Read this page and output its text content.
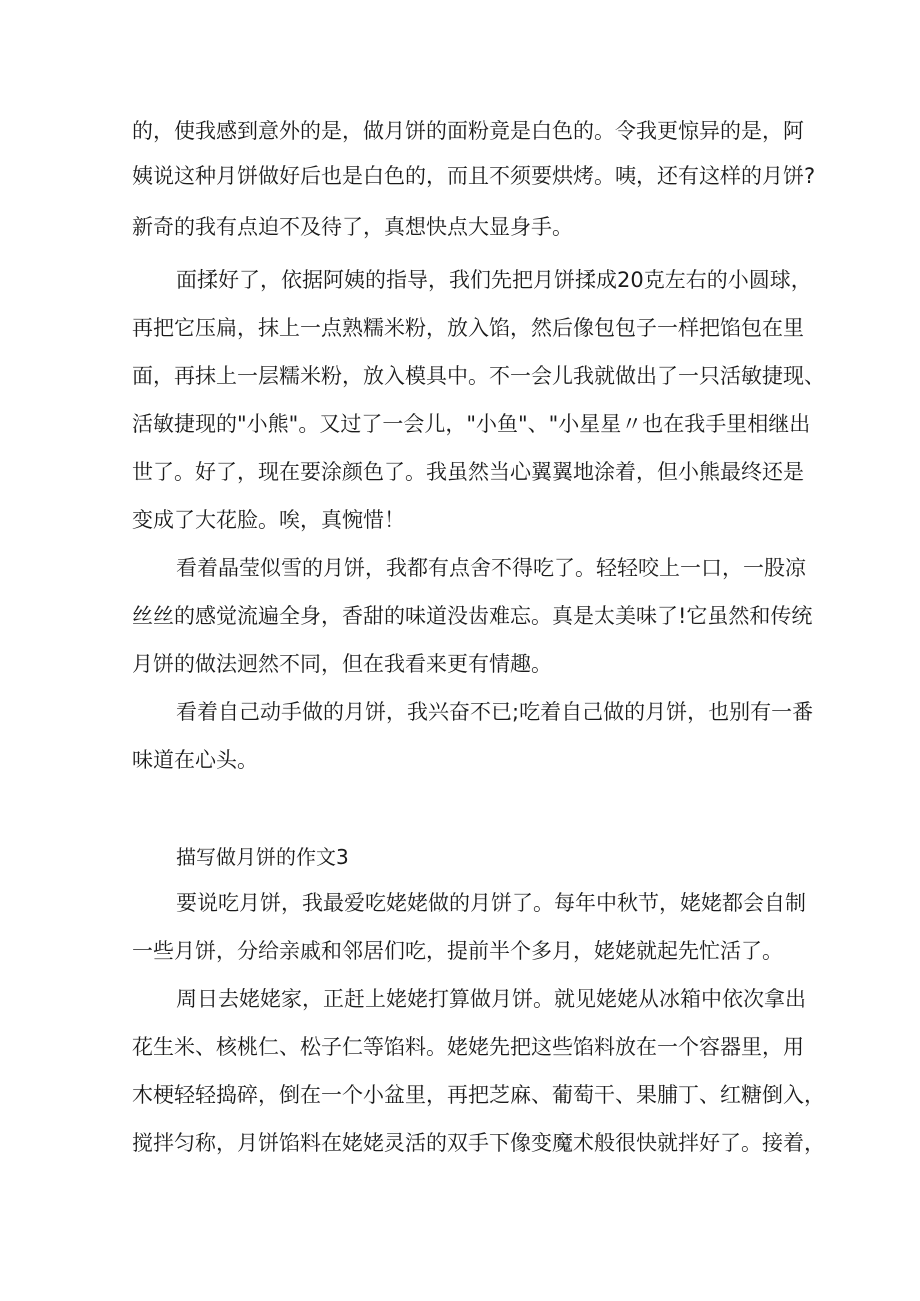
的，使我感到意外的是，做月饼的面粉竟是白色的。令我更惊异的是，阿
姨说这种月饼做好后也是白色的，而且不须要烘烤。咦，还有这样的月饼?
新奇的我有点迫不及待了，真想快点大显身手。
面揉好了，依据阿姨的指导，我们先把月饼揉成20克左右的小圆球，
再把它压扁，抹上一点熟糯米粉，放入馅，然后像包包子一样把馅包在里
面，再抹上一层糯米粉，放入模具中。不一会儿我就做出了一只活敏捷现、
活敏捷现的"小熊"。又过了一会儿，"小鱼"、"小星星〃也在我手里相继出
世了。好了，现在要涂颜色了。我虽然当心翼翼地涂着，但小熊最终还是
变成了大花脸。唉，真惋惜！
看着晶莹似雪的月饼，我都有点舍不得吃了。轻轻咬上一口，一股凉
丝丝的感觉流遍全身，香甜的味道没齿难忘。真是太美味了!它虽然和传统
月饼的做法迥然不同，但在我看来更有情趣。
看着自己动手做的月饼，我兴奋不已;吃着自己做的月饼，也别有一番
味道在心头。
描写做月饼的作文3
要说吃月饼，我最爱吃姥姥做的月饼了。每年中秋节，姥姥都会自制
一些月饼，分给亲戚和邻居们吃，提前半个多月，姥姥就起先忙活了。
周日去姥姥家，正赶上姥姥打算做月饼。就见姥姥从冰箱中依次拿出
花生米、核桃仁、松子仁等馅料。姥姥先把这些馅料放在一个容器里，用
木梗轻轻捣碎，倒在一个小盆里，再把芝麻、葡萄干、果脯丁、红糖倒入，
搅拌匀称，月饼馅料在姥姥灵活的双手下像变魔术般很快就拌好了。接着，
